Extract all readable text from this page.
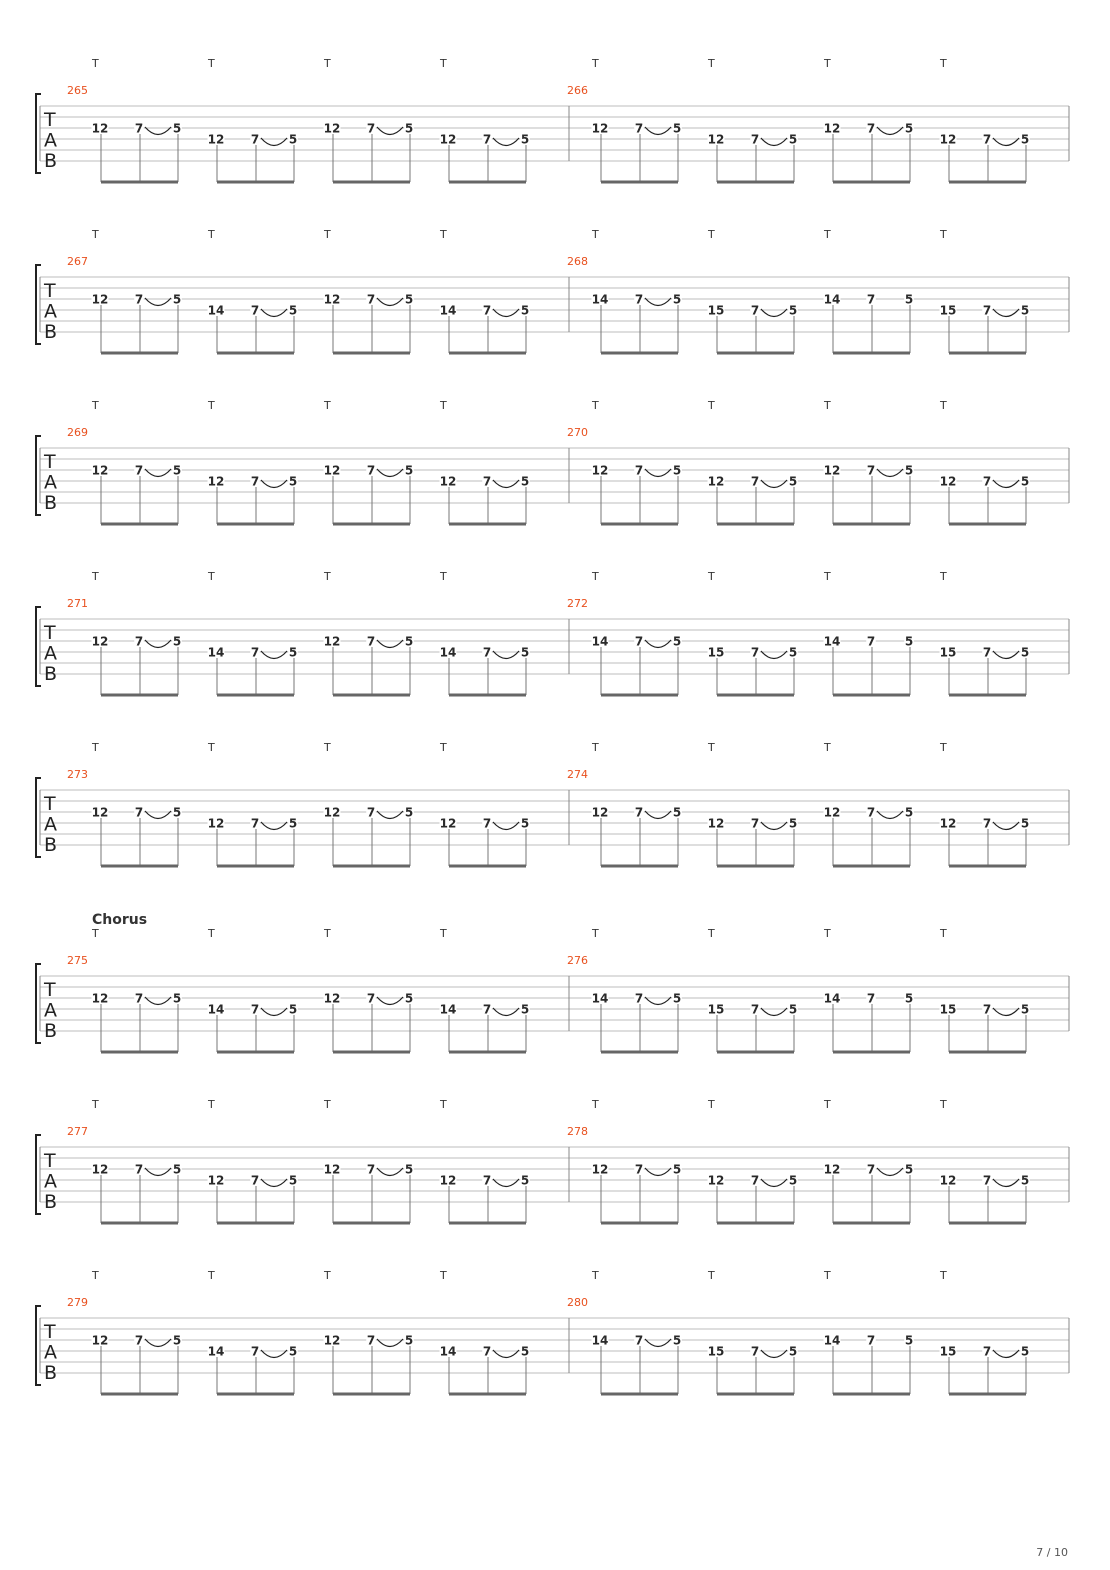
T
A
B
265
T
12 7 5
T
12 7 5
T
12 7 5
T
12 7 5
266
T
12 7 5
T
12 7 5
T
12 7 5
T
12 7 5
T
A
B
267
T
12 7 5
T
14 7 5
T
12 7 5
T
14 7 5
268
T
14 7 5
T
15 7 5
T
14 7 5
T
15 7 5
T
A
B
269
T
12 7 5
T
12 7 5
T
12 7 5
T
12 7 5
270
T
12 7 5
T
12 7 5
T
12 7 5
T
12 7 5
T
A
B
271
T
12 7 5
T
14 7 5
T
12 7 5
T
14 7 5
272
T
14 7 5
T
15 7 5
T
14 7 5
T
15 7 5
T
A
B
273
T
12 7 5
T
12 7 5
T
12 7 5
T
12 7 5
274
T
12 7 5
T
12 7 5
T
12 7 5
T
12 7 5
Chorus
T
A
B
275
T
12 7 5
T
14 7 5
T
12 7 5
T
14 7 5
276
T
14 7 5
T
15 7 5
T
14 7 5
T
15 7 5
T
A
B
277
T
12 7 5
T
12 7 5
T
12 7 5
T
12 7 5
278
T
12 7 5
T
12 7 5
T
12 7 5
T
12 7 5
T
A
B
279
T
12 7 5
T
14 7 5
T
12 7 5
T
14 7 5
280
T
14 7 5
T
15 7 5
T
14 7 5
T
15 7 5
7 / 10
